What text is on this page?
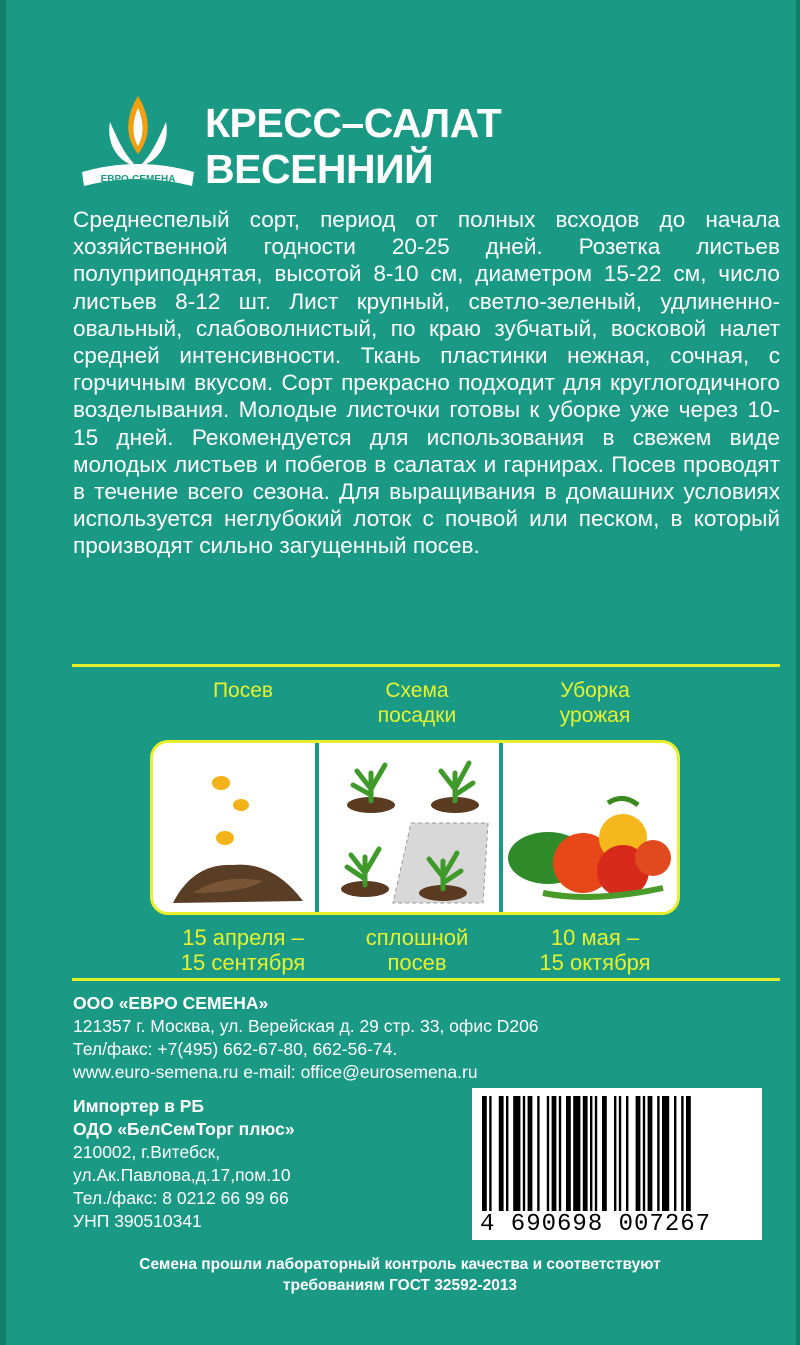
ЕВРО-СЕМЕНА
КРЕСС–САЛАТ
ВЕСЕННИЙ
Среднеспелый сорт, период от полных всходов до начала хозяйственной годности 20-25 дней. Розетка листьев полуприподнятая, высотой 8-10 см, диаметром 15-22 см, число листьев 8-12 шт. Лист крупный, светло-зеленый, удлиненно-овальный, слабоволнистый, по краю зубчатый, восковой налет средней интенсивности. Ткань пластинки нежная, сочная, с горчичным вкусом. Сорт прекрасно подходит для круглогодичного возделывания. Молодые листочки готовы к уборке уже через 10-15 дней. Рекомендуется для использования в свежем виде молодых листьев и побегов в салатах и гарнирах. Посев проводят в течение всего сезона. Для выращивания в домашних условиях используется неглубокий лоток с почвой или песком, в который производят сильно загущенный посев.
Посев	Схема
посадки
Уборка
урожая
15 апреля –
15 сентября
сплошной
посев
10 мая –
15 октября
ООО «ЕВРО СЕМЕНА»
121357 г. Москва, ул. Верейская д. 29 стр. 33, офис D206
Тел/факс: +7(495) 662-67-80, 662-56-74.
www.euro-semena.ru e-mail: office@eurosemena.ru
Импортер в РБ
ОДО «БелСемТорг плюс»
210002, г.Витебск,
ул.Ак.Павлова,д.17,пом.10
Тел./факс: 8 0212 66 99 66
УНП 390510341	4 690698 007267
Семена прошли лабораторный контроль качества и соответствуют
требованиям ГОСТ 32592-2013
